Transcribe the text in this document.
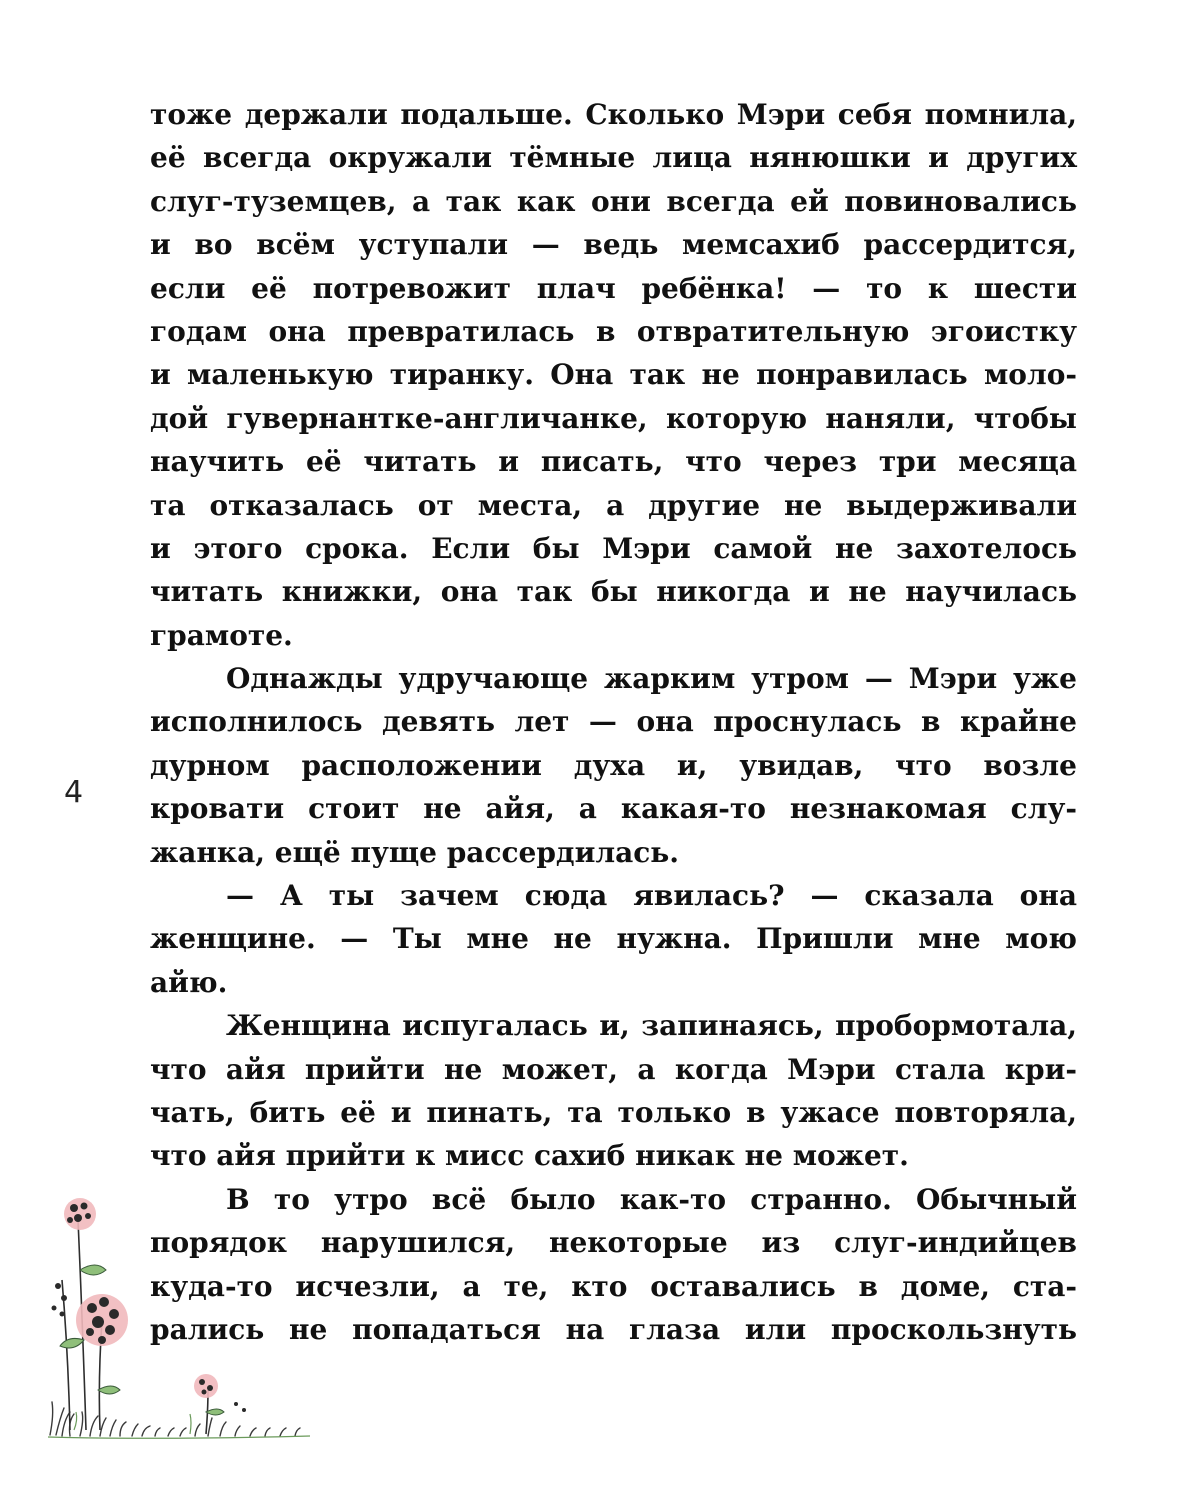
тоже держали подальше. Сколько Мэри себя помнила,
её всегда окружали тёмные лица нянюшки и других
слуг-туземцев, а так как они всегда ей повиновались
и во всём уступали — ведь мемсахиб рассердится,
если её потревожит плач ребёнка! — то к шести
годам она превратилась в отвратительную эгоистку
и маленькую тиранку. Она так не понравилась моло-
дой гувернантке-англичанке, которую наняли, чтобы
научить её читать и писать, что через три месяца
та отказалась от места, а другие не выдерживали
и этого срока. Если бы Мэри самой не захотелось
читать книжки, она так бы никогда и не научилась
грамоте.
Однажды удручающе жарким утром — Мэри уже
исполнилось девять лет — она проснулась в крайне
дурном расположении духа и, увидав, что возле
кровати стоит не айя, а какая-то незнакомая слу-
жанка, ещё пуще рассердилась.
— А ты зачем сюда явилась? — сказала она
женщине. — Ты мне не нужна. Пришли мне мою
айю.
Женщина испугалась и, запинаясь, пробормотала,
что айя прийти не может, а когда Мэри стала кри-
чать, бить её и пинать, та только в ужасе повторяла,
что айя прийти к мисс сахиб никак не может.
В то утро всё было как-то странно. Обычный
порядок нарушился, некоторые из слуг-индийцев
куда-то исчезли, а те, кто оставались в доме, ста-
рались не попадаться на глаза или проскользнуть
4
